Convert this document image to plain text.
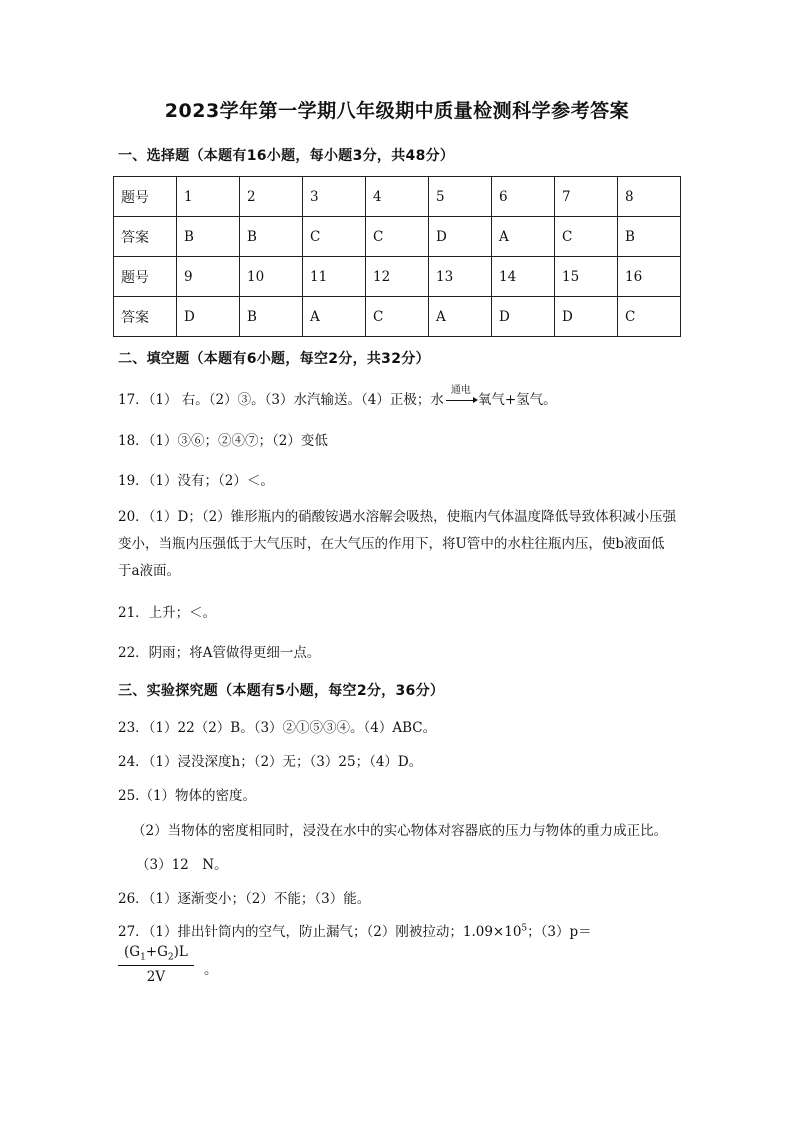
2023学年第一学期八年级期中质量检测科学参考答案
一、选择题（本题有16小题，每小题3分，共48分）
题号	1	2	3	4	5	6	7	8
答案	B	B	C	C	D	A	C	B
题号	9	10	11	12	13	14	15	16
答案	D	B	A	C	A	D	D	C
二、填空题（本题有6小题，每空2分，共32分）
17．（1） 右。（2）③。（3）水汽输送。（4）正极；水
通电
氧气+氢气。
18．（1）③⑥；②④⑦；（2）变低
19．（1）没有；（2）＜。
20．（1）D；（2）锥形瓶内的硝酸铵遇水溶解会吸热，使瓶内气体温度降低导致体积减小压强变小，当瓶内压强低于大气压时，在大气压的作用下，将U管中的水柱往瓶内压，使b液面低于a液面。
21．上升；＜。
22．阴雨；将A管做得更细一点。
三、实验探究题（本题有5小题，每空2分，36分）
23．（1）22（2）B。（3）②①⑤③④。（4）ABC。
24．（1）浸没深度h；（2）无；（3）25；（4）D。
25.（1）物体的密度。
（2）当物体的密度相同时，浸没在水中的实心物体对容器底的压力与物体的重力成正比。
（3）12　N。
26．（1）逐渐变小；（2）不能；（3）能。
27．（1）排出针筒内的空气，防止漏气；（2）刚被拉动；$1.09\times 10^5$；（3）p＝
$(G_1+G_2)L$
2V	。
